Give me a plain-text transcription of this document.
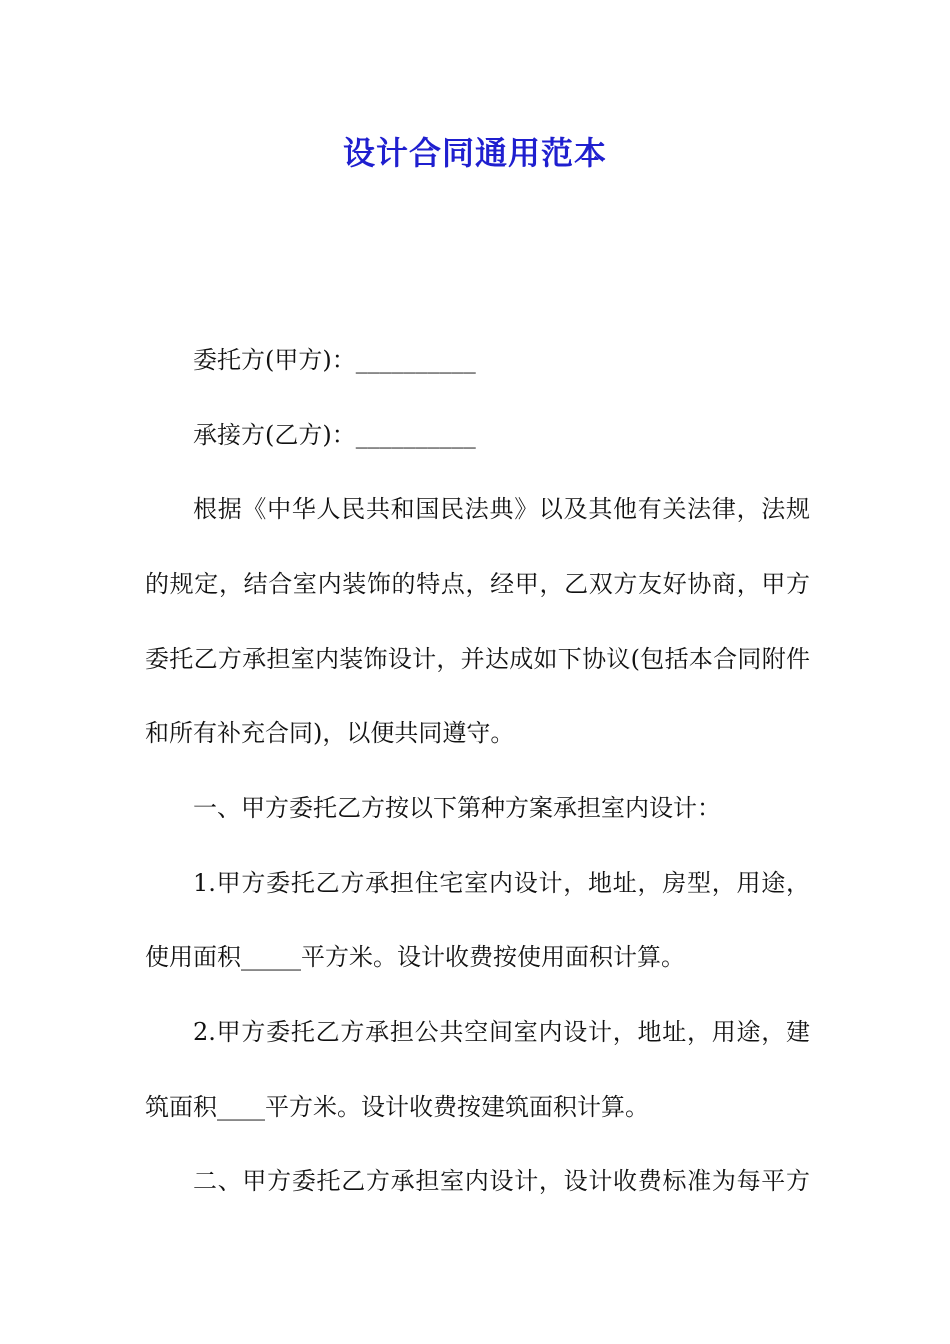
设计合同通用范本
委托方(甲方)：__________
承接方(乙方)：__________
根据《中华人民共和国民法典》以及其他有关法律，法规
的规定，结合室内装饰的特点，经甲，乙双方友好协商，甲方
委托乙方承担室内装饰设计，并达成如下协议(包括本合同附件
和所有补充合同)，以便共同遵守。
一、甲方委托乙方按以下第种方案承担室内设计：
1.甲方委托乙方承担住宅室内设计，地址，房型，用途，
使用面积_____平方米。设计收费按使用面积计算。
2.甲方委托乙方承担公共空间室内设计，地址，用途，建
筑面积____平方米。设计收费按建筑面积计算。
二、甲方委托乙方承担室内设计，设计收费标准为每平方
